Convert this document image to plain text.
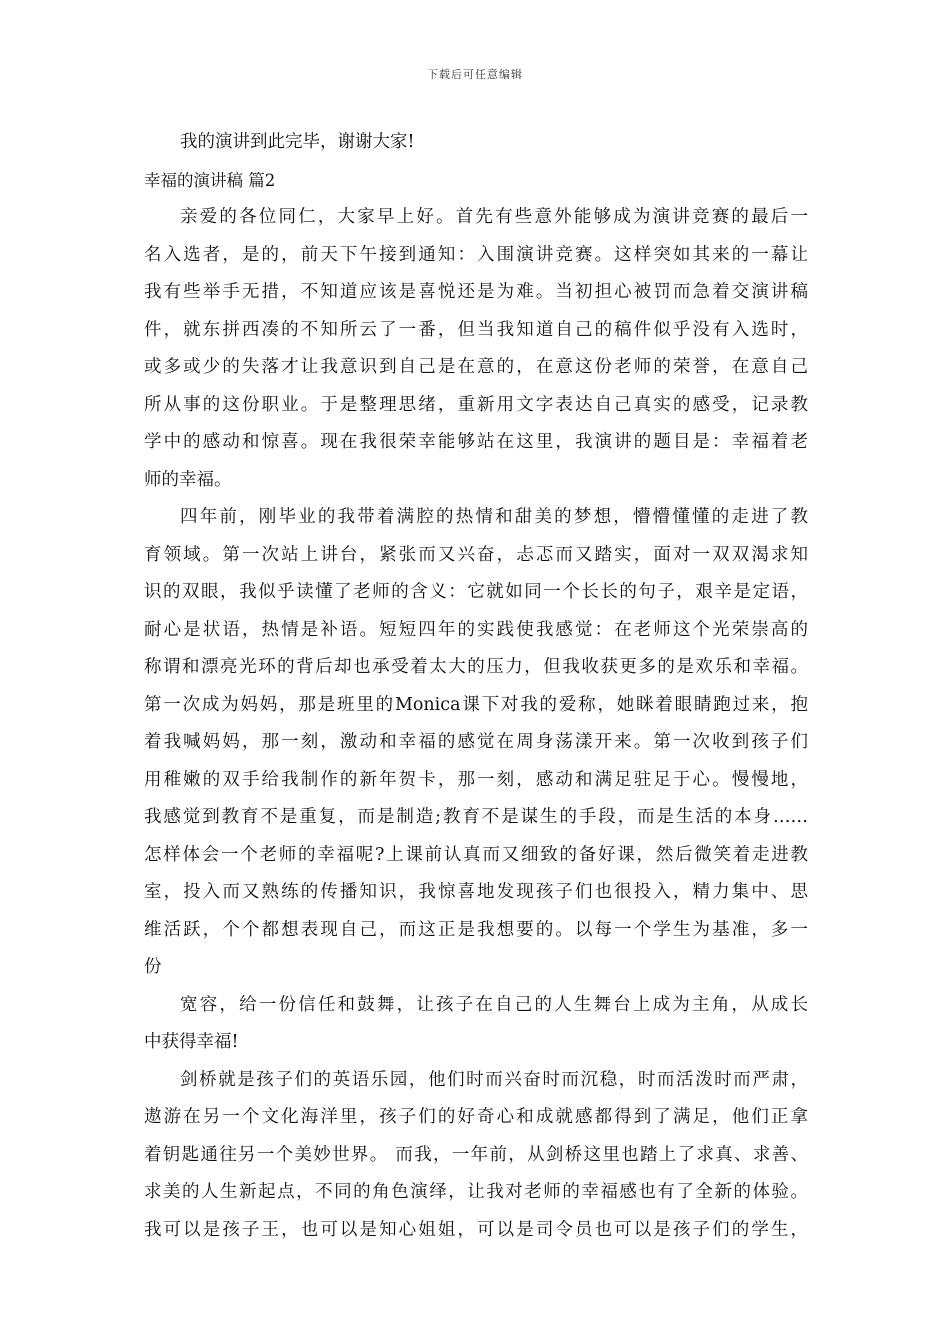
下载后可任意编辑
我的演讲到此完毕，谢谢大家!
幸福的演讲稿 篇2
亲爱的各位同仁，大家早上好。首先有些意外能够成为演讲竞赛的最后一
名入选者，是的，前天下午接到通知：入围演讲竞赛。这样突如其来的一幕让
我有些举手无措，不知道应该是喜悦还是为难。当初担心被罚而急着交演讲稿
件，就东拼西凑的不知所云了一番，但当我知道自己的稿件似乎没有入选时，
或多或少的失落才让我意识到自己是在意的，在意这份老师的荣誉，在意自己
所从事的这份职业。于是整理思绪，重新用文字表达自己真实的感受，记录教
学中的感动和惊喜。现在我很荣幸能够站在这里，我演讲的题目是：幸福着老
师的幸福。
四年前，刚毕业的我带着满腔的热情和甜美的梦想，懵懵懂懂的走进了教
育领域。第一次站上讲台，紧张而又兴奋，忐忑而又踏实，面对一双双渴求知
识的双眼，我似乎读懂了老师的含义：它就如同一个长长的句子，艰辛是定语，
耐心是状语，热情是补语。短短四年的实践使我感觉：在老师这个光荣崇高的
称谓和漂亮光环的背后却也承受着太大的压力，但我收获更多的是欢乐和幸福。
第一次成为妈妈，那是班里的Monica课下对我的爱称，她眯着眼睛跑过来，抱
着我喊妈妈，那一刻，激动和幸福的感觉在周身荡漾开来。第一次收到孩子们
用稚嫩的双手给我制作的新年贺卡，那一刻，感动和满足驻足于心。慢慢地，
我感觉到教育不是重复，而是制造;教育不是谋生的手段，而是生活的本身……
怎样体会一个老师的幸福呢?上课前认真而又细致的备好课，然后微笑着走进教
室，投入而又熟练的传播知识，我惊喜地发现孩子们也很投入，精力集中、思
维活跃，个个都想表现自己，而这正是我想要的。以每一个学生为基准，多一
份
宽容，给一份信任和鼓舞，让孩子在自己的人生舞台上成为主角，从成长
中获得幸福!
剑桥就是孩子们的英语乐园，他们时而兴奋时而沉稳，时而活泼时而严肃，
遨游在另一个文化海洋里，孩子们的好奇心和成就感都得到了满足，他们正拿
着钥匙通往另一个美妙世界。 而我，一年前，从剑桥这里也踏上了求真、求善、
求美的人生新起点，不同的角色演绎，让我对老师的幸福感也有了全新的体验。
我可以是孩子王，也可以是知心姐姐，可以是司令员也可以是孩子们的学生，
